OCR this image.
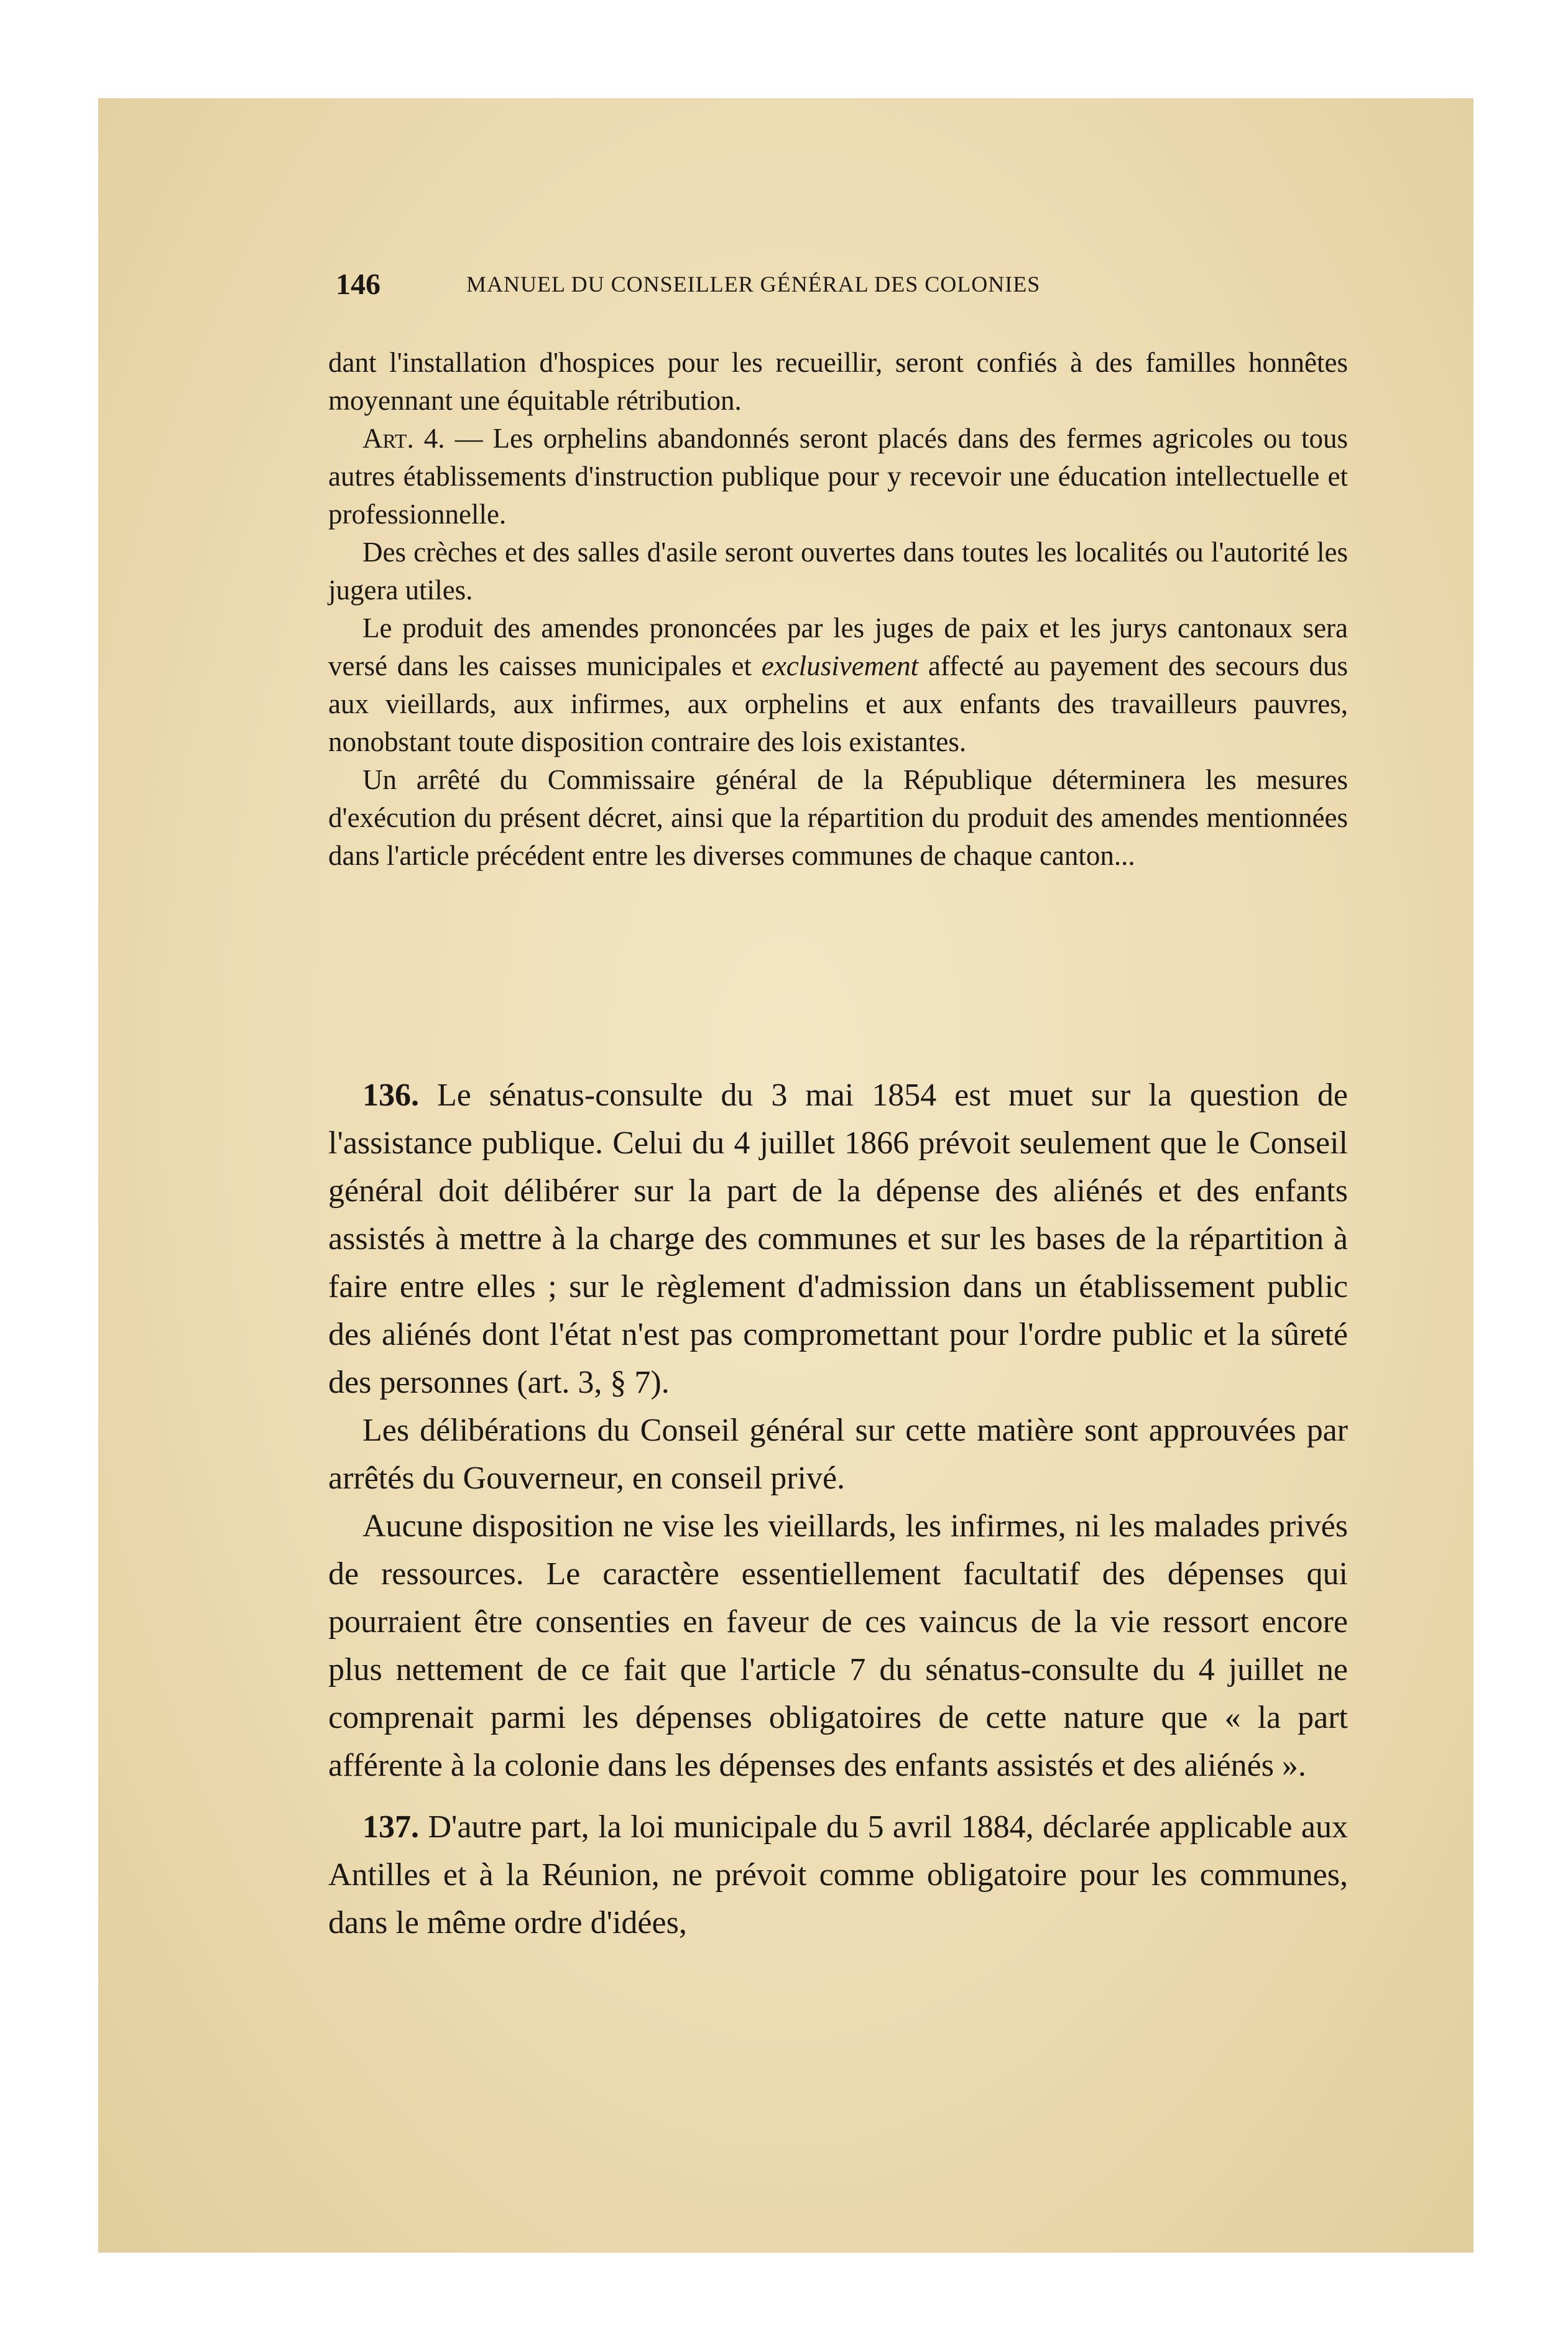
146	MANUEL DU CONSEILLER GÉNÉRAL DES COLONIES

dant l'installation d'hospices pour les recueillir, seront confiés à des familles honnêtes moyennant une équitable rétribution.

Art. 4. — Les orphelins abandonnés seront placés dans des fermes agricoles ou tous autres établissements d'instruction publique pour y recevoir une éducation intellectuelle et professionnelle.

Des crèches et des salles d'asile seront ouvertes dans toutes les localités ou l'autorité les jugera utiles.

Le produit des amendes prononcées par les juges de paix et les jurys cantonaux sera versé dans les caisses municipales et exclusivement affecté au payement des secours dus aux vieillards, aux infirmes, aux orphelins et aux enfants des travailleurs pauvres, nonobstant toute disposition contraire des lois existantes.

Un arrêté du Commissaire général de la République déterminera les mesures d'exécution du présent décret, ainsi que la répartition du produit des amendes mentionnées dans l'article précédent entre les diverses communes de chaque canton...

136. Le sénatus-consulte du 3 mai 1854 est muet sur la question de l'assistance publique. Celui du 4 juillet 1866 prévoit seulement que le Conseil général doit délibérer sur la part de la dépense des aliénés et des enfants assistés à mettre à la charge des communes et sur les bases de la répartition à faire entre elles ; sur le règlement d'admission dans un établissement public des aliénés dont l'état n'est pas compromettant pour l'ordre public et la sûreté des personnes (art. 3, § 7).

Les délibérations du Conseil général sur cette matière sont approuvées par arrêtés du Gouverneur, en conseil privé.

Aucune disposition ne vise les vieillards, les infirmes, ni les malades privés de ressources. Le caractère essentiellement facultatif des dépenses qui pourraient être consenties en faveur de ces vaincus de la vie ressort encore plus nettement de ce fait que l'article 7 du sénatus-consulte du 4 juillet ne comprenait parmi les dépenses obligatoires de cette nature que « la part afférente à la colonie dans les dépenses des enfants assistés et des aliénés ».

137. D'autre part, la loi municipale du 5 avril 1884, déclarée applicable aux Antilles et à la Réunion, ne prévoit comme obligatoire pour les communes, dans le même ordre d'idées,
